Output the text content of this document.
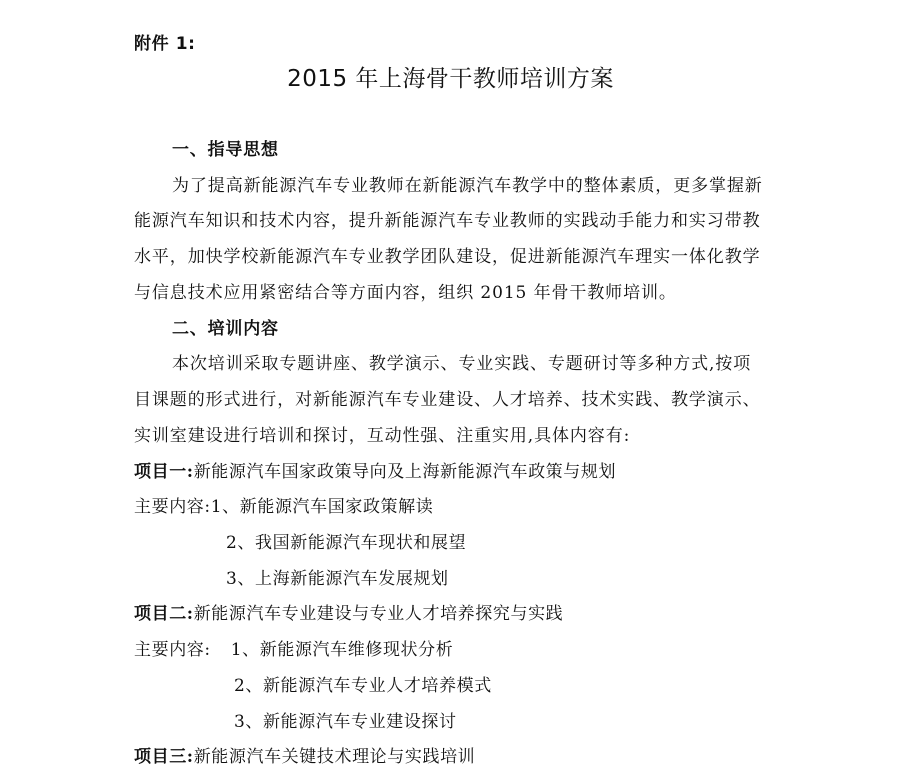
附件 1:
2015 年上海骨干教师培训方案
一、指导思想
为了提高新能源汽车专业教师在新能源汽车教学中的整体素质，更多掌握新
能源汽车知识和技术内容，提升新能源汽车专业教师的实践动手能力和实习带教
水平，加快学校新能源汽车专业教学团队建设，促进新能源汽车理实一体化教学
与信息技术应用紧密结合等方面内容，组织 2015 年骨干教师培训。
二、培训内容
本次培训采取专题讲座、教学演示、专业实践、专题研讨等多种方式,按项
目课题的形式进行，对新能源汽车专业建设、人才培养、技术实践、教学演示、
实训室建设进行培训和探讨，互动性强、注重实用,具体内容有:
项目一:新能源汽车国家政策导向及上海新能源汽车政策与规划
主要内容:1、新能源汽车国家政策解读
2、我国新能源汽车现状和展望
3、上海新能源汽车发展规划
项目二:新能源汽车专业建设与专业人才培养探究与实践
主要内容: 1、新能源汽车维修现状分析
2、新能源汽车专业人才培养模式
3、新能源汽车专业建设探讨
项目三:新能源汽车关键技术理论与实践培训
